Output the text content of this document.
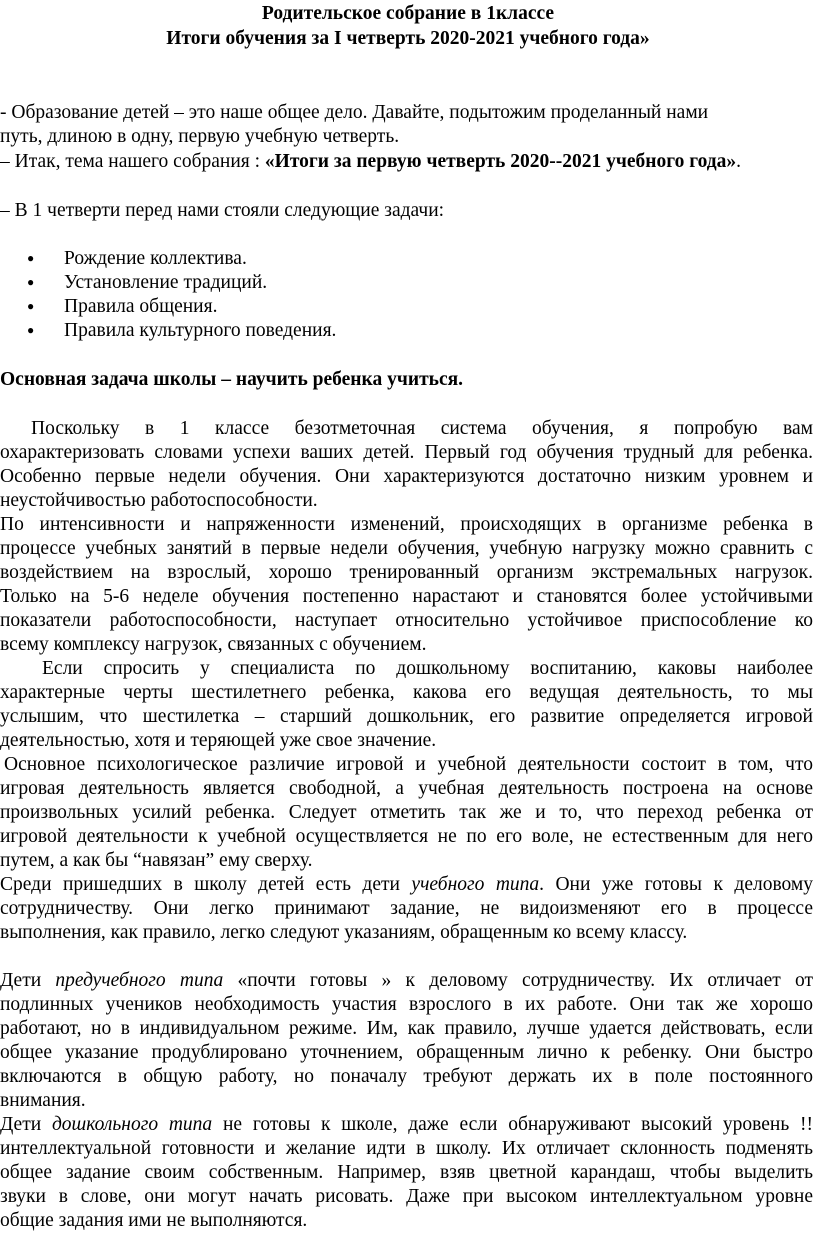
Родительское собрание в 1классе

Итоги обучения за I четверть 2020-2021 учебного года»

- Образование детей – это наше общее дело. Давайте, подытожим проделанный нами

путь, длиною в одну, первую учебную четверть.

– Итак, тема нашего собрания : «Итоги за первую четверть 2020--2021 учебного года».

– В 1 четверти перед нами стояли следующие задачи:

● Рождение коллектива.

● Установление традиций.

● Правила общения.

● Правила культурного поведения.

Основная задача школы – научить ребенка учиться.

Поскольку в 1 классе безотметочная система обучения, я попробую вам

охарактеризовать словами успехи ваших детей. Первый год обучения трудный для ребенка.

Особенно первые недели обучения. Они характеризуются достаточно низким уровнем и

неустойчивостью работоспособности.

По интенсивности и напряженности изменений, происходящих в организме ребенка в

процессе учебных занятий в первые недели обучения, учебную нагрузку можно сравнить с

воздействием на взрослый, хорошо тренированный организм экстремальных нагрузок.

Только на 5-6 неделе обучения постепенно нарастают и становятся более устойчивыми

показатели работоспособности, наступает относительно устойчивое приспособление ко

всему комплексу нагрузок, связанных с обучением.

Если спросить у специалиста по дошкольному воспитанию, каковы наиболее

характерные черты шестилетнего ребенка, какова его ведущая деятельность, то мы

услышим, что шестилетка – старший дошкольник, его развитие определяется игровой

деятельностью, хотя и теряющей уже свое значение.

Основное психологическое различие игровой и учебной деятельности состоит в том, что

игровая деятельность является свободной, а учебная деятельность построена на основе

произвольных усилий ребенка. Следует отметить так же и то, что переход ребенка от

игровой деятельности к учебной осуществляется не по его воле, не естественным для него

путем, а как бы “навязан” ему сверху.

Среди пришедших в школу детей есть дети учебного типа. Они уже готовы к деловому

сотрудничеству. Они легко принимают задание, не видоизменяют его в процессе

выполнения, как правило, легко следуют указаниям, обращенным ко всему классу.

Дети предучебного типа «почти готовы » к деловому сотрудничеству. Их отличает от

подлинных учеников необходимость участия взрослого в их работе. Они так же хорошо

работают, но в индивидуальном режиме. Им, как правило, лучше удается действовать, если

общее указание продублировано уточнением, обращенным лично к ребенку. Они быстро

включаются в общую работу, но поначалу требуют держать их в поле постоянного

внимания.

Дети дошкольного типа не готовы к школе, даже если обнаруживают высокий уровень !!

интеллектуальной готовности и желание идти в школу. Их отличает склонность подменять

общее задание своим собственным. Например, взяв цветной карандаш, чтобы выделить

звуки в слове, они могут начать рисовать. Даже при высоком интеллектуальном уровне

общие задания ими не выполняются.
